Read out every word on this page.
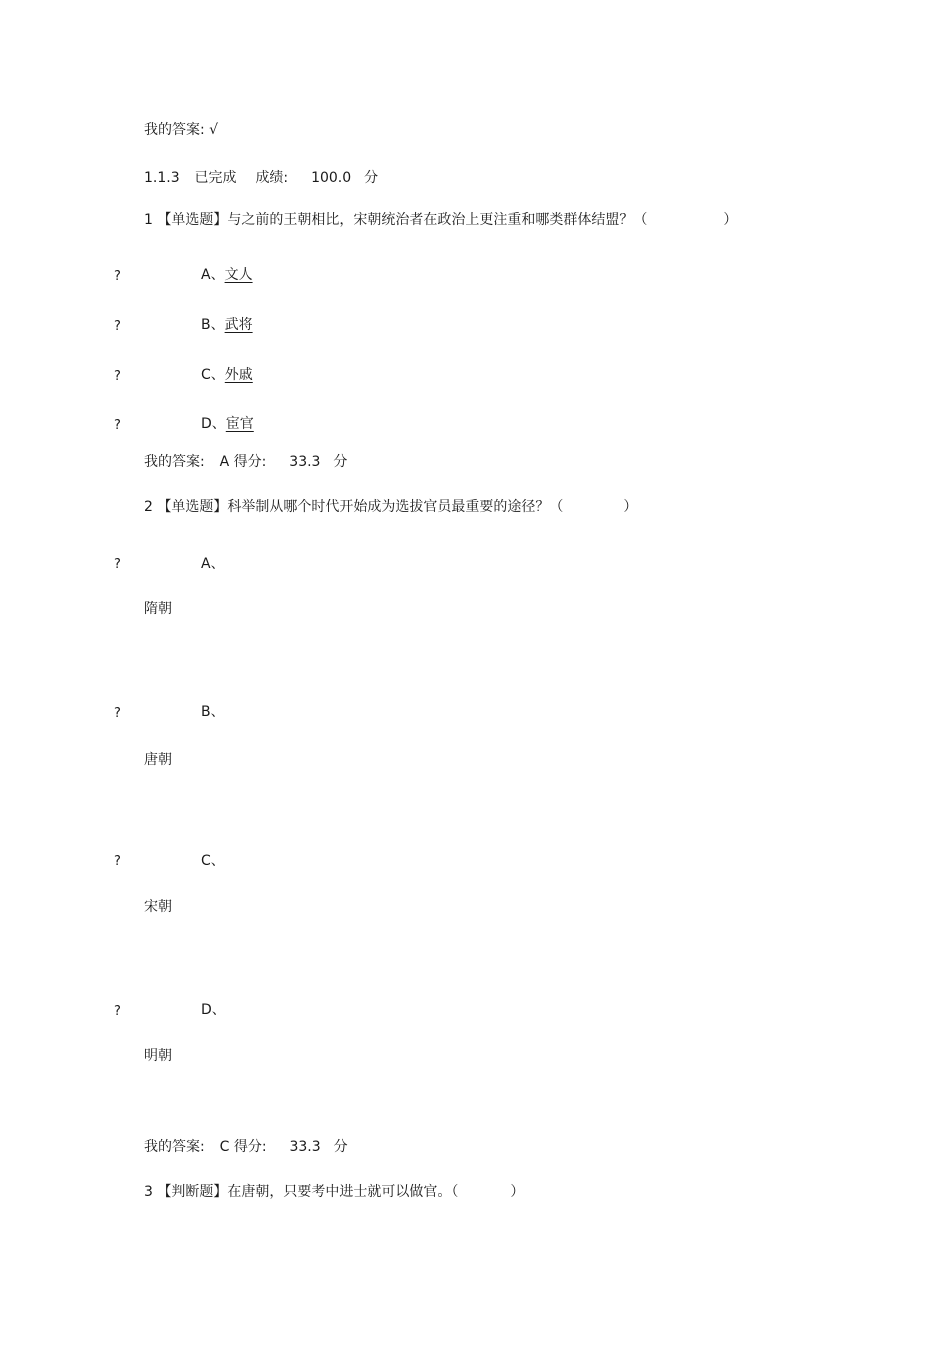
我的答案: √
1.1.3 已完成 成绩: 100.0 分
1 【单选题】与之前的王朝相比，宋朝统治者在政治上更注重和哪类群体结盟？（	）
?	A、文人
?	B、武将
?	C、外戚
?	D、宦官
我的答案: A 得分: 33.3 分
2 【单选题】科举制从哪个时代开始成为选拔官员最重要的途径？（	）
?	A、
隋朝
?	B、
唐朝
?	C、
宋朝
?	D、
明朝
我的答案: C 得分: 33.3 分
3 【判断题】在唐朝，只要考中进士就可以做官。（	）
